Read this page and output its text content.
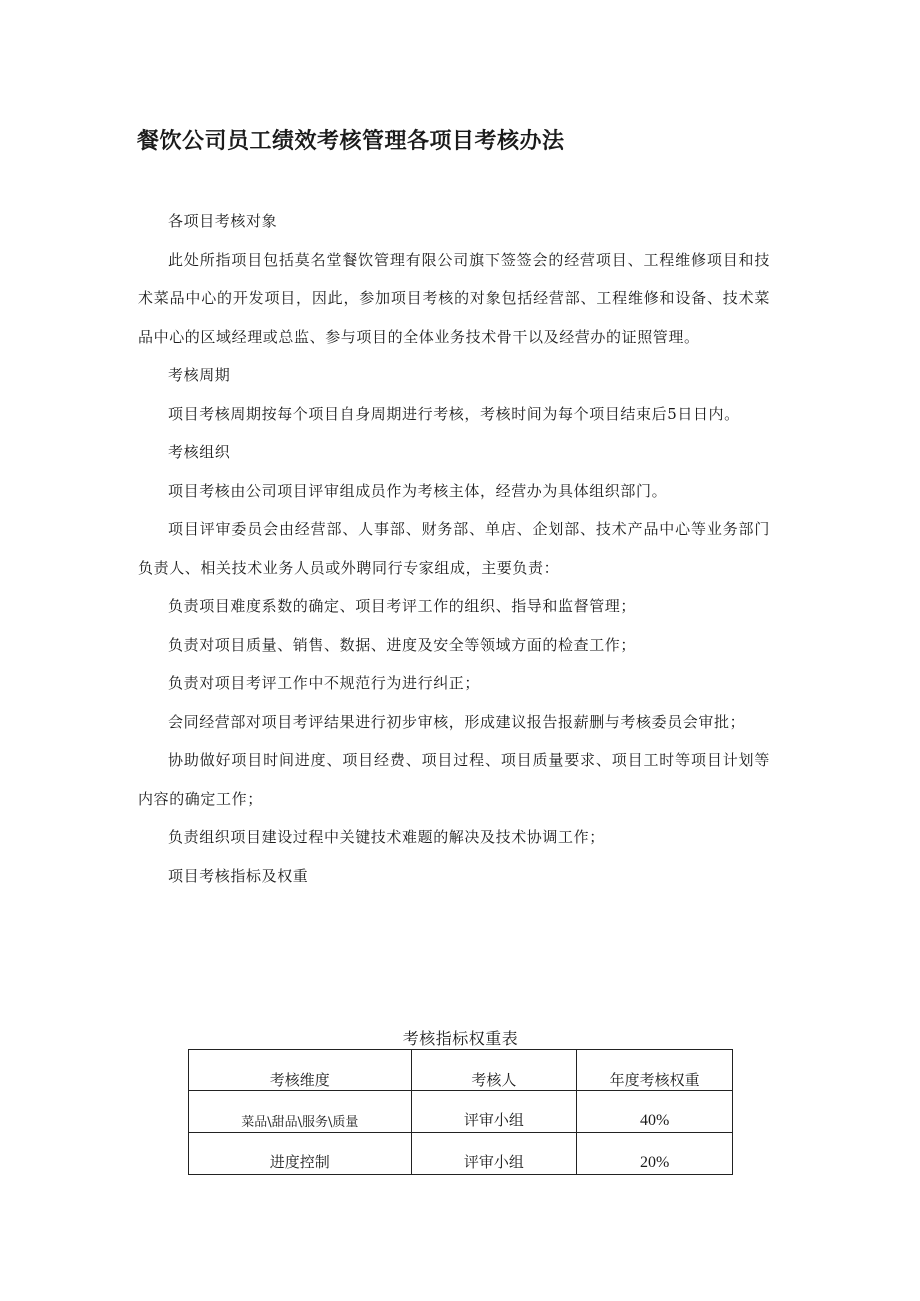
餐饮公司员工绩效考核管理各项目考核办法

各项目考核对象

此处所指项目包括莫名堂餐饮管理有限公司旗下签签会的经营项目、工程维修项目和技术菜品中心的开发项目，因此，参加项目考核的对象包括经营部、工程维修和设备、技术菜品中心的区域经理或总监、参与项目的全体业务技术骨干以及经营办的证照管理。

考核周期

项目考核周期按每个项目自身周期进行考核，考核时间为每个项目结束后5日日内。

考核组织

项目考核由公司项目评审组成员作为考核主体，经营办为具体组织部门。

项目评审委员会由经营部、人事部、财务部、单店、企划部、技术产品中心等业务部门负责人、相关技术业务人员或外聘同行专家组成，主要负责：

负责项目难度系数的确定、项目考评工作的组织、指导和监督管理；

负责对项目质量、销售、数据、进度及安全等领域方面的检查工作；

负责对项目考评工作中不规范行为进行纠正；

会同经营部对项目考评结果进行初步审核，形成建议报告报薪删与考核委员会审批；

协助做好项目时间进度、项目经费、项目过程、项目质量要求、项目工时等项目计划等内容的确定工作；

负责组织项目建设过程中关键技术难题的解决及技术协调工作；

项目考核指标及权重

考核指标权重表
考核维度	考核人	年度考核权重
菜品\甜品\服务\质量	评审小组	40%
进度控制	评审小组	20%
